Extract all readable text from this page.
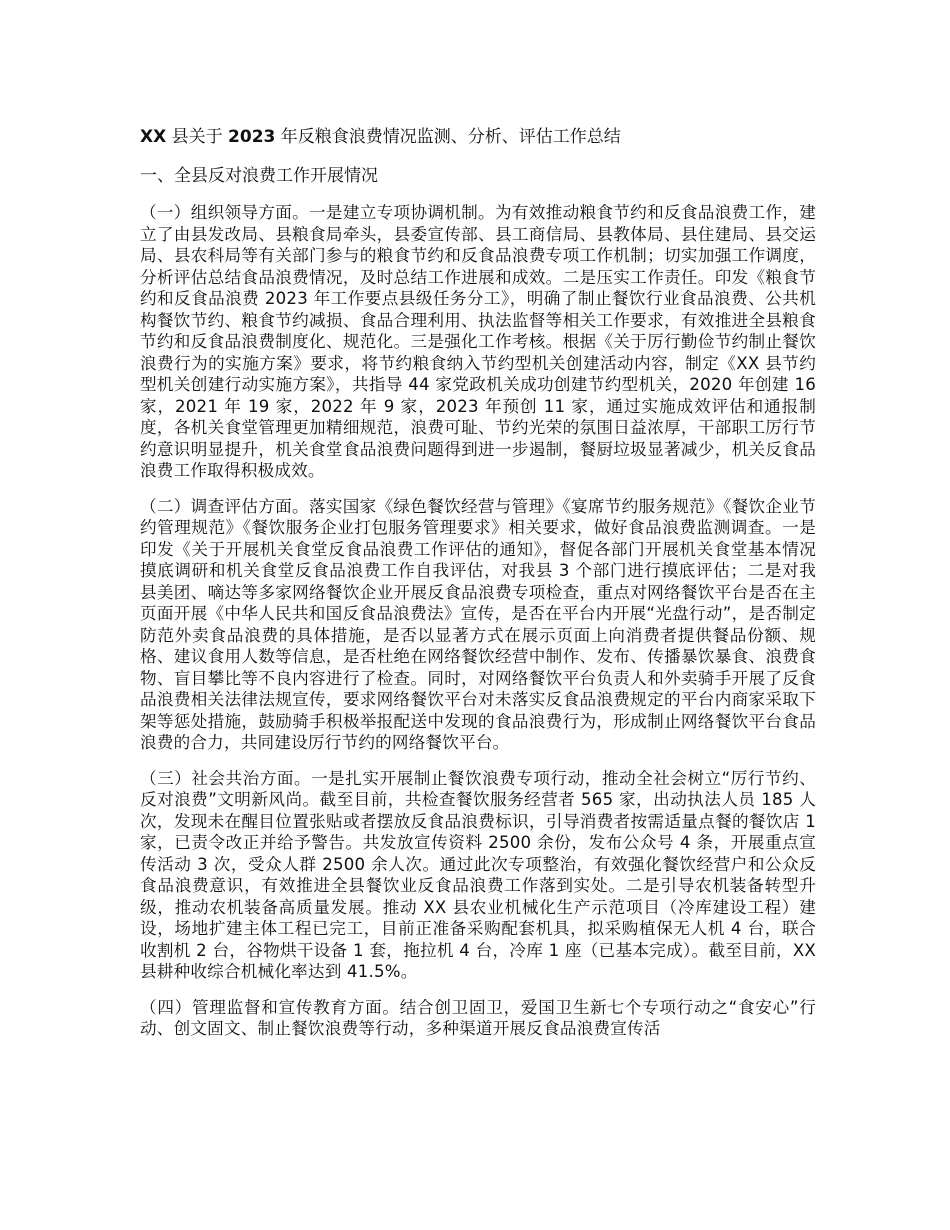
XX 县关于 2023 年反粮食浪费情况监测、分析、评估工作总结
一、全县反对浪费工作开展情况

（一）组织领导方面。一是建立专项协调机制。为有效推动粮食节约和反食品浪费工作，建立了由县发改局、县粮食局牵头，县委宣传部、县工商信局、县教体局、县住建局、县交运局、县农科局等有关部门参与的粮食节约和反食品浪费专项工作机制；切实加强工作调度，分析评估总结食品浪费情况，及时总结工作进展和成效。二是压实工作责任。印发《粮食节约和反食品浪费 2023 年工作要点县级任务分工》，明确了制止餐饮行业食品浪费、公共机构餐饮节约、粮食节约减损、食品合理利用、执法监督等相关工作要求，有效推进全县粮食节约和反食品浪费制度化、规范化。三是强化工作考核。根据《关于厉行勤俭节约制止餐饮浪费行为的实施方案》要求，将节约粮食纳入节约型机关创建活动内容，制定《XX 县节约型机关创建行动实施方案》，共指导 44 家党政机关成功创建节约型机关，2020 年创建 16 家，2021 年 19 家，2022 年 9 家，2023 年预创 11 家，通过实施成效评估和通报制度，各机关食堂管理更加精细规范，浪费可耻、节约光荣的氛围日益浓厚，干部职工厉行节约意识明显提升，机关食堂食品浪费问题得到进一步遏制，餐厨垃圾显著减少，机关反食品浪费工作取得积极成效。

（二）调查评估方面。落实国家《绿色餐饮经营与管理》《宴席节约服务规范》《餐饮企业节约管理规范》《餐饮服务企业打包服务管理要求》相关要求，做好食品浪费监测调查。一是印发《关于开展机关食堂反食品浪费工作评估的通知》，督促各部门开展机关食堂基本情况摸底调研和机关食堂反食品浪费工作自我评估，对我县 3 个部门进行摸底评估；二是对我县美团、嘀达等多家网络餐饮企业开展反食品浪费专项检查，重点对网络餐饮平台是否在主页面开展《中华人民共和国反食品浪费法》宣传，是否在平台内开展“光盘行动”，是否制定防范外卖食品浪费的具体措施，是否以显著方式在展示页面上向消费者提供餐品份额、规格、建议食用人数等信息，是否杜绝在网络餐饮经营中制作、发布、传播暴饮暴食、浪费食物、盲目攀比等不良内容进行了检查。同时，对网络餐饮平台负责人和外卖骑手开展了反食品浪费相关法律法规宣传，要求网络餐饮平台对未落实反食品浪费规定的平台内商家采取下架等惩处措施，鼓励骑手积极举报配送中发现的食品浪费行为，形成制止网络餐饮平台食品浪费的合力，共同建设厉行节约的网络餐饮平台。

（三）社会共治方面。一是扎实开展制止餐饮浪费专项行动，推动全社会树立“厉行节约、反对浪费”文明新风尚。截至目前，共检查餐饮服务经营者 565 家，出动执法人员 185 人次，发现未在醒目位置张贴或者摆放反食品浪费标识，引导消费者按需适量点餐的餐饮店 1 家，已责令改正并给予警告。共发放宣传资料 2500 余份，发布公众号 4 条，开展重点宣传活动 3 次，受众人群 2500 余人次。通过此次专项整治，有效强化餐饮经营户和公众反食品浪费意识，有效推进全县餐饮业反食品浪费工作落到实处。二是引导农机装备转型升级，推动农机装备高质量发展。推动 XX 县农业机械化生产示范项目（冷库建设工程）建设，场地扩建主体工程已完工，目前正准备采购配套机具，拟采购植保无人机 4 台，联合收割机 2 台，谷物烘干设备 1 套，拖拉机 4 台，冷库 1 座（已基本完成）。截至目前，XX 县耕种收综合机械化率达到 41.5%。

（四）管理监督和宣传教育方面。结合创卫固卫，爱国卫生新七个专项行动之“食安心”行动、创文固文、制止餐饮浪费等行动，多种渠道开展反食品浪费宣传活
